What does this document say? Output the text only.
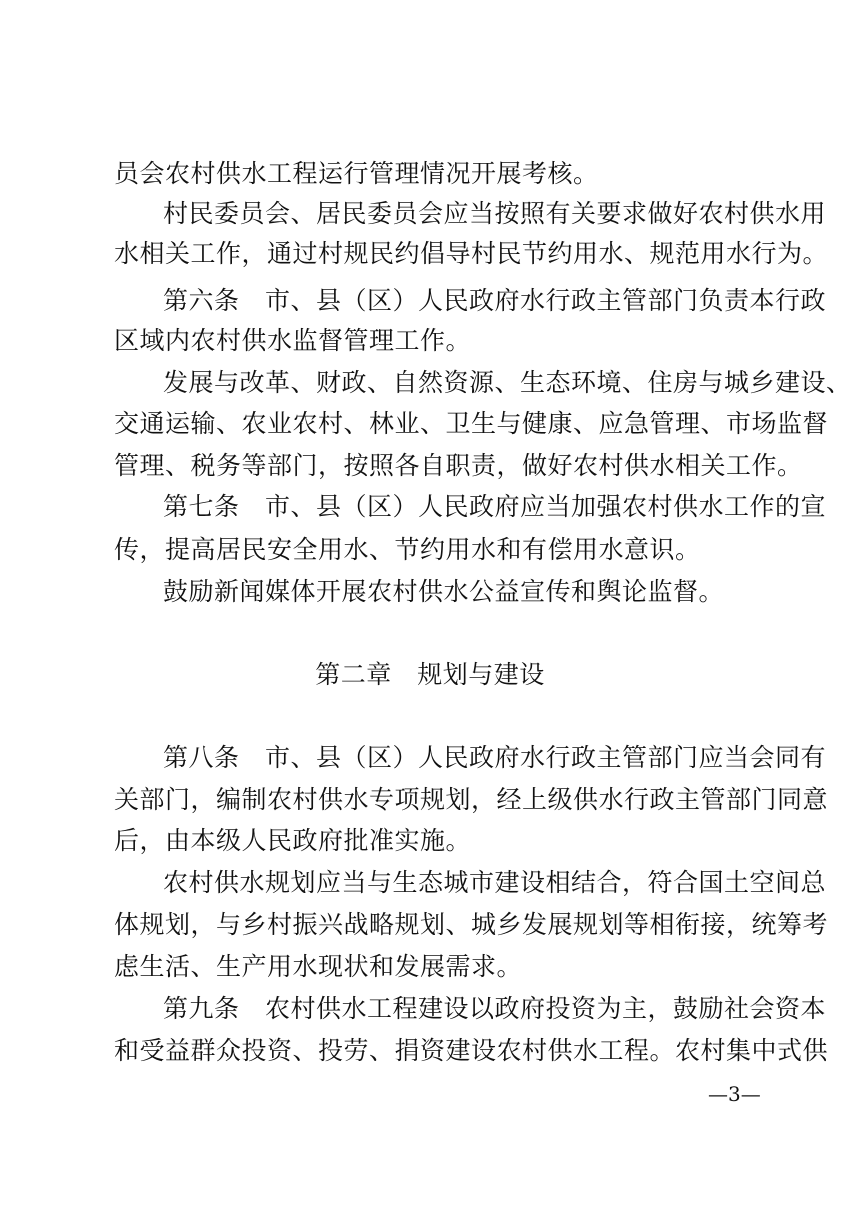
员会农村供水工程运行管理情况开展考核。
村民委员会、居民委员会应当按照有关要求做好农村供水用
水相关工作，通过村规民约倡导村民节约用水、规范用水行为。
第六条　市、县（区）人民政府水行政主管部门负责本行政
区域内农村供水监督管理工作。
发展与改革、财政、自然资源、生态环境、住房与城乡建设、
交通运输、农业农村、林业、卫生与健康、应急管理、市场监督
管理、税务等部门，按照各自职责，做好农村供水相关工作。
第七条　市、县（区）人民政府应当加强农村供水工作的宣
传，提高居民安全用水、节约用水和有偿用水意识。
鼓励新闻媒体开展农村供水公益宣传和舆论监督。
第二章　规划与建设
第八条　市、县（区）人民政府水行政主管部门应当会同有
关部门，编制农村供水专项规划，经上级供水行政主管部门同意
后，由本级人民政府批准实施。
农村供水规划应当与生态城市建设相结合，符合国土空间总
体规划，与乡村振兴战略规划、城乡发展规划等相衔接，统筹考
虑生活、生产用水现状和发展需求。
第九条　农村供水工程建设以政府投资为主，鼓励社会资本
和受益群众投资、投劳、捐资建设农村供水工程。农村集中式供
—3—
